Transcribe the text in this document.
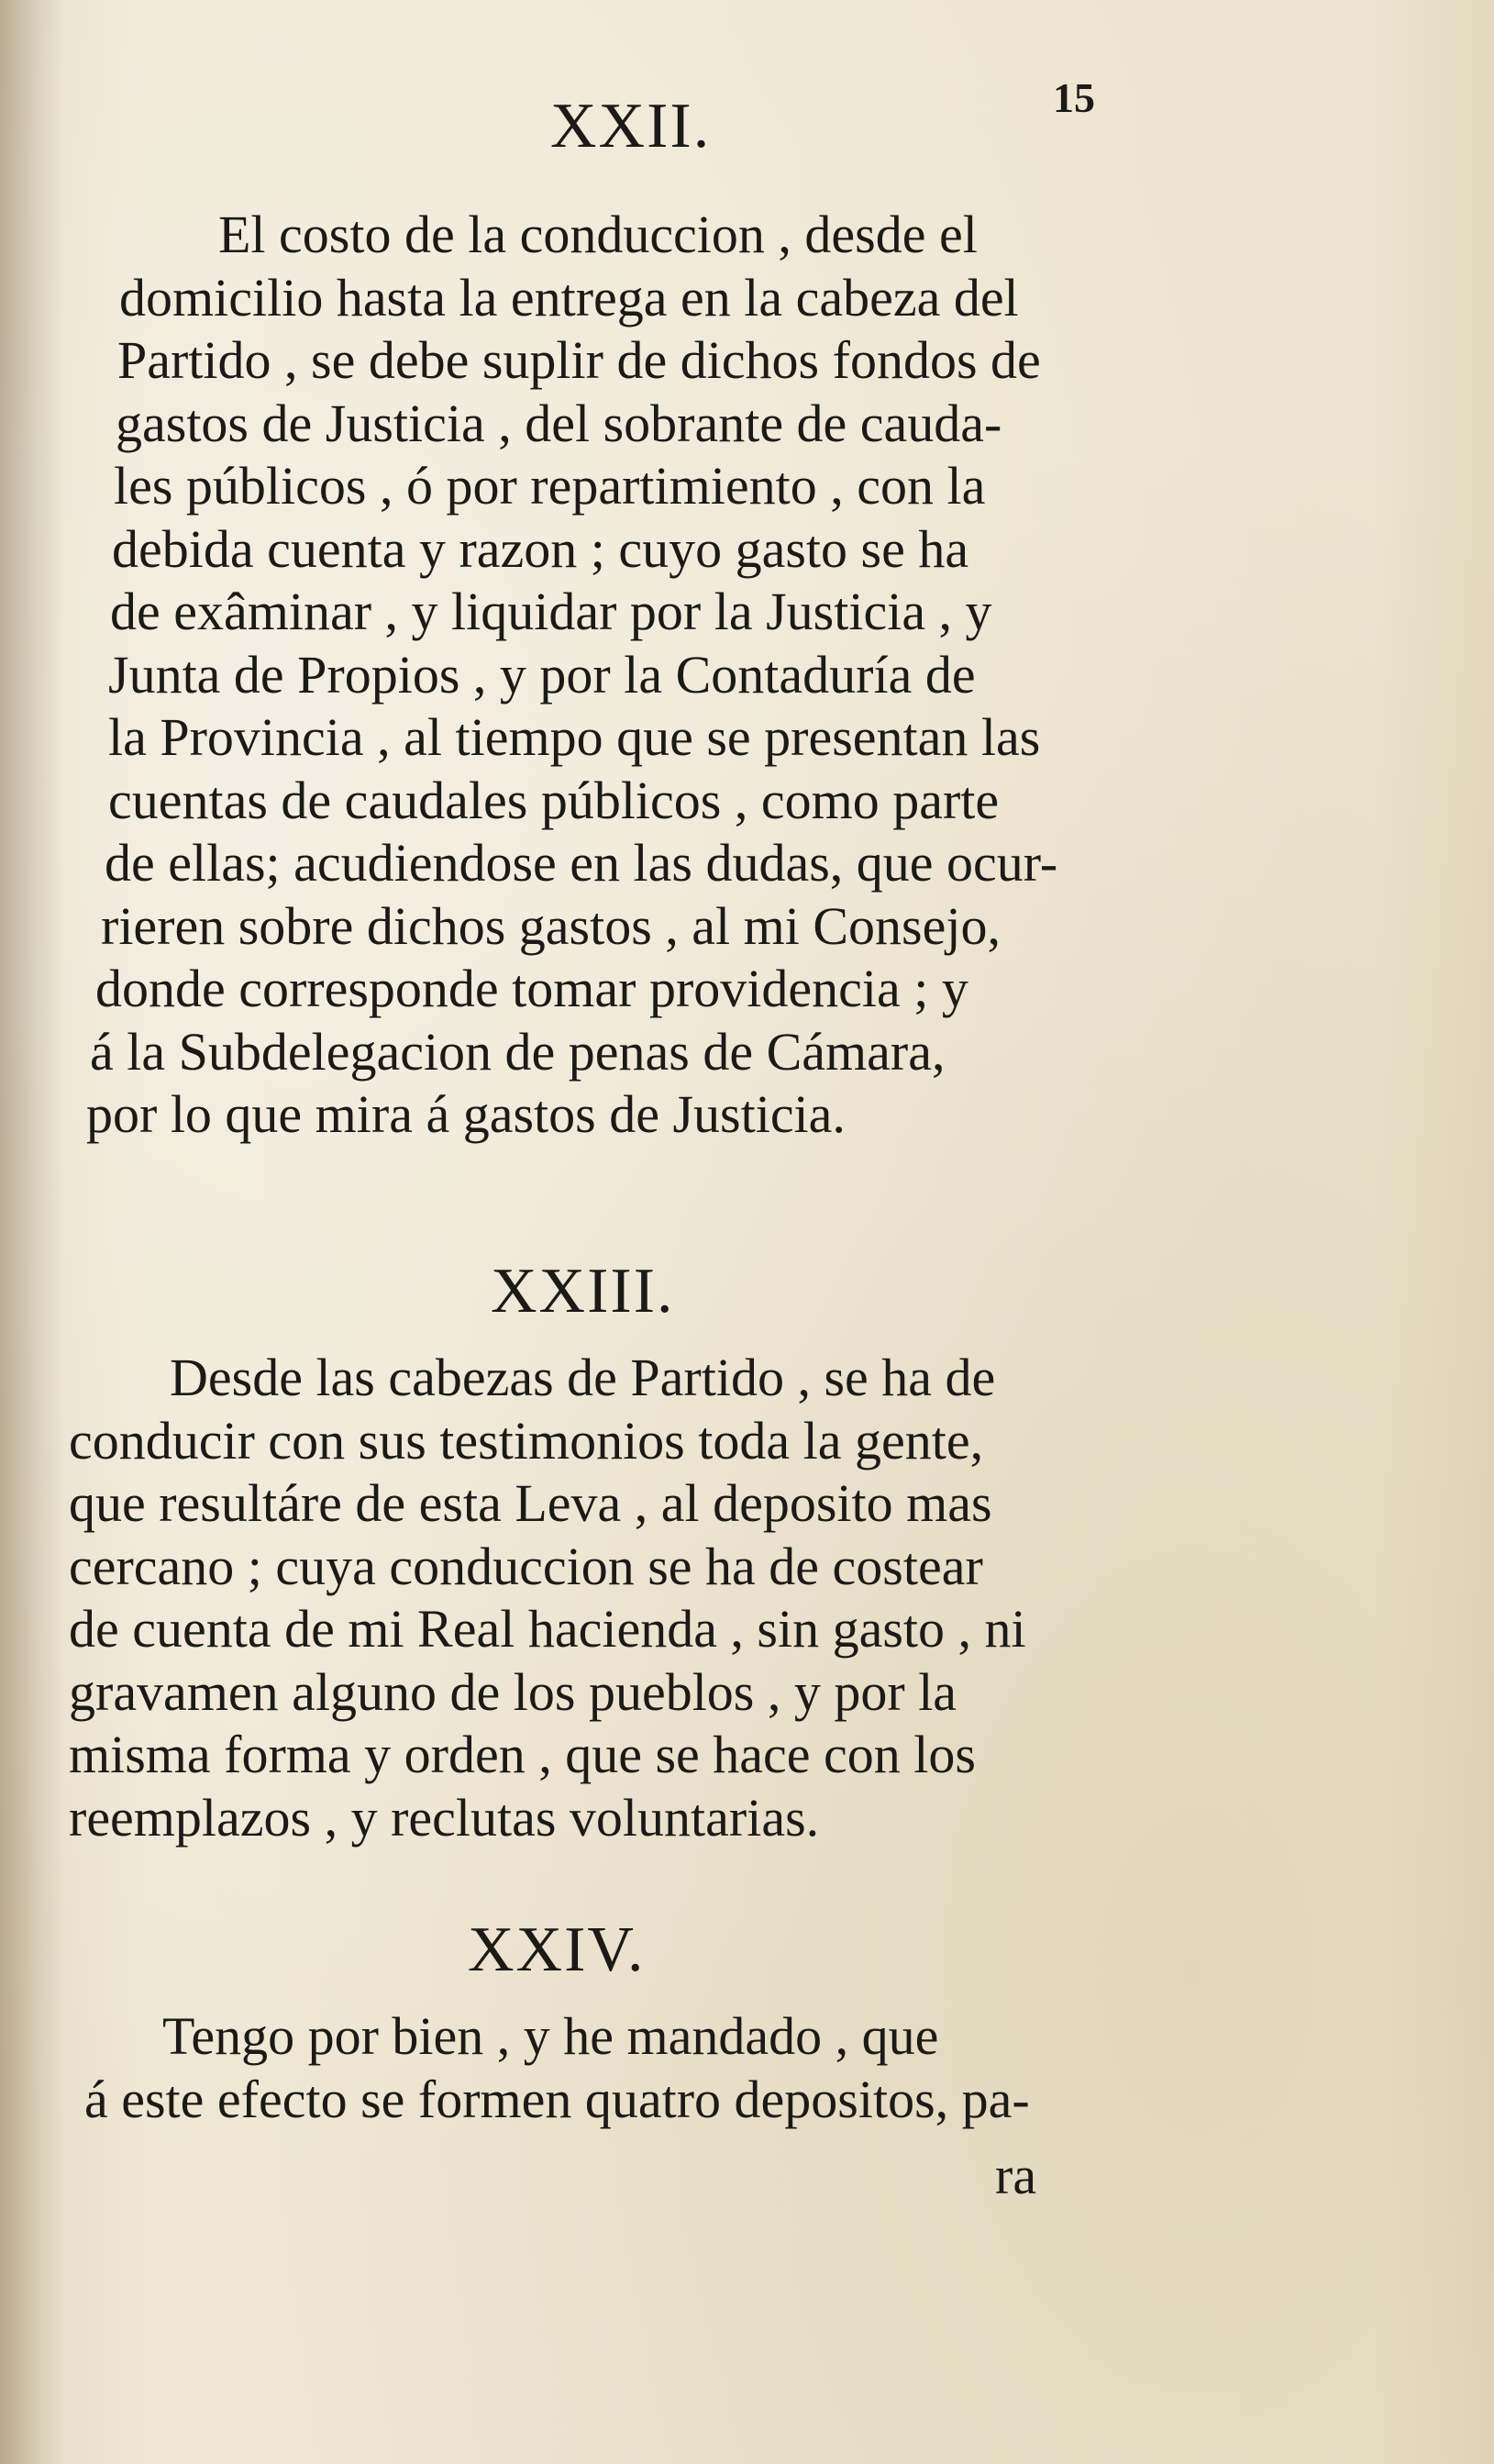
15
XXII.
El costo de la conduccion , desde el
domicilio hasta la entrega en la cabeza del
Partido , se debe suplir de dichos fondos de
gastos de Justicia , del sobrante de cauda-
les públicos , ó por repartimiento , con la
debida cuenta y razon ; cuyo gasto se ha
de exâminar , y liquidar por la Justicia , y
Junta de Propios , y por la Contaduría de
la Provincia , al tiempo que se presentan las
cuentas de caudales públicos , como parte
de ellas; acudiendose en las dudas, que ocur-
rieren sobre dichos gastos , al mi Consejo,
donde corresponde tomar providencia ; y
á la Subdelegacion de penas de Cámara,
por lo que mira á gastos de Justicia.
XXIII.
Desde las cabezas de Partido , se ha de
conducir con sus testimonios toda la gente,
que resultáre de esta Leva , al deposito mas
cercano ; cuya conduccion se ha de costear
de cuenta de mi Real hacienda , sin gasto , ni
gravamen alguno de los pueblos , y por la
misma forma y orden , que se hace con los
reemplazos , y reclutas voluntarias.
XXIV.
Tengo por bien , y he mandado , que
á este efecto se formen quatro depositos, pa-
ra
